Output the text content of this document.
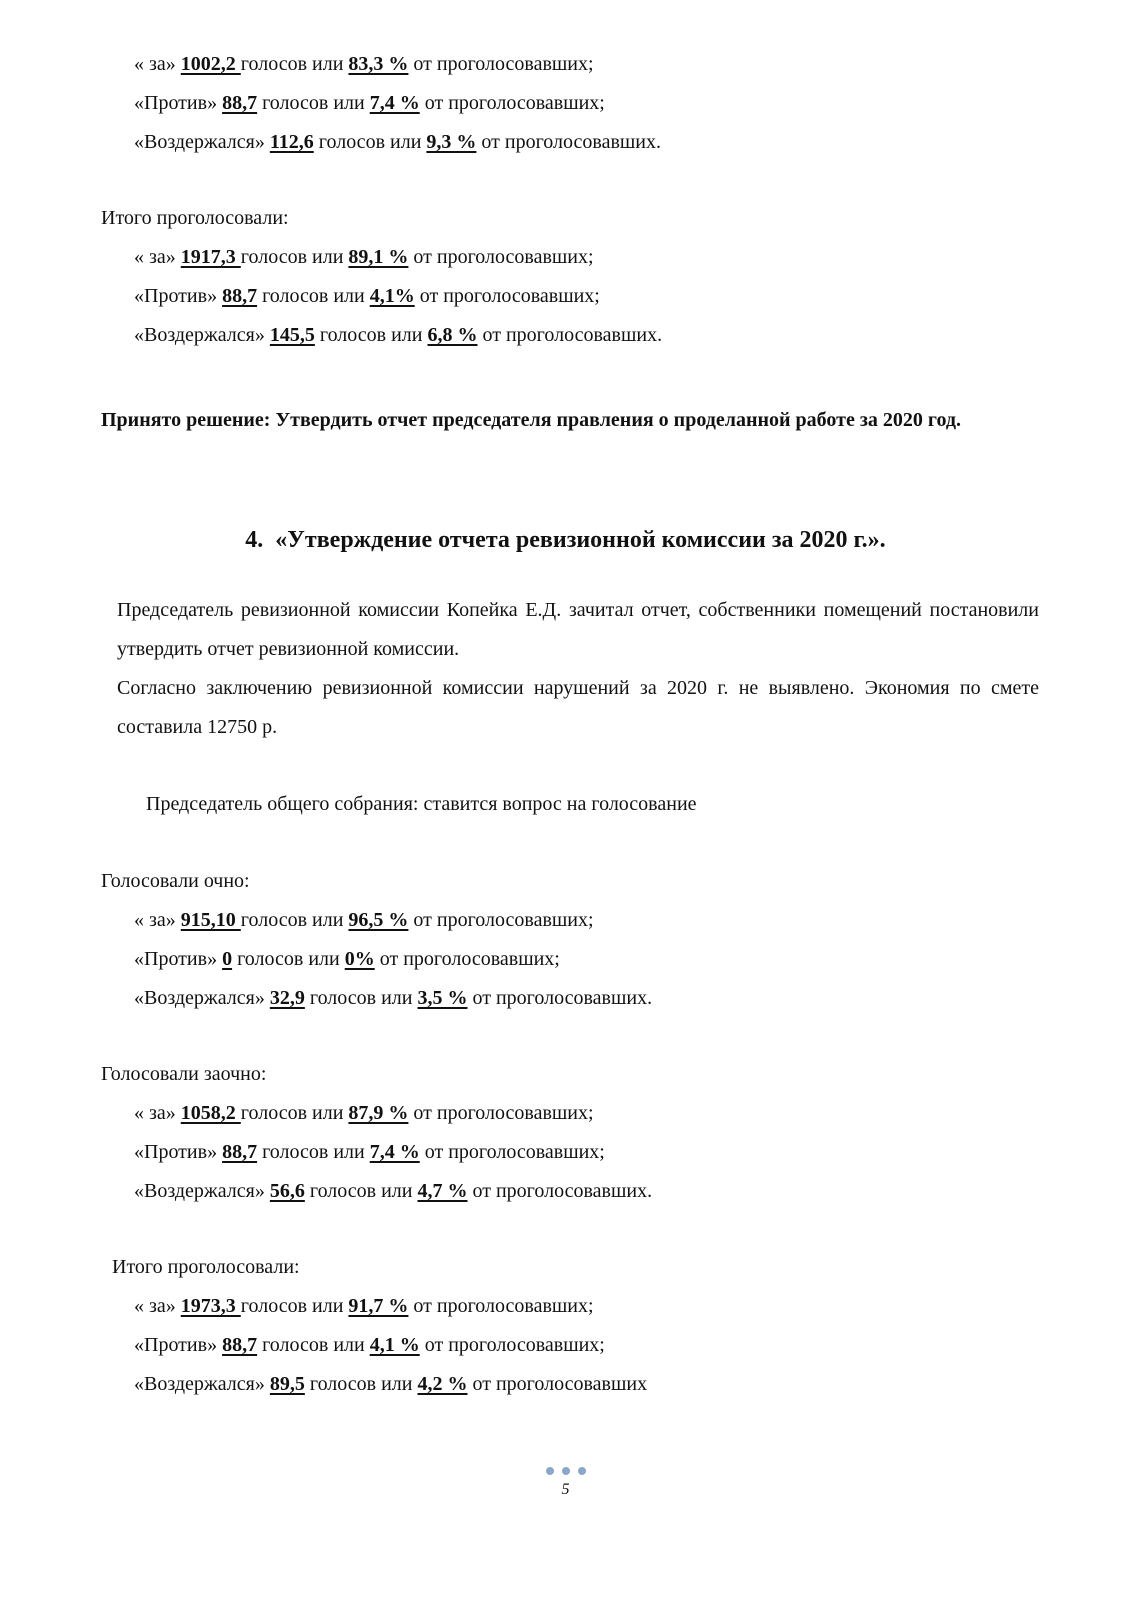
« за» 1002,2 голосов или 83,3 % от проголосовавших;
«Против» 88,7 голосов или 7,4 % от проголосовавших;
«Воздержался» 112,6 голосов или 9,3 % от проголосовавших.
Итого проголосовали:
« за» 1917,3 голосов или 89,1 % от проголосовавших;
«Против» 88,7 голосов или 4,1% от проголосовавших;
«Воздержался» 145,5 голосов или 6,8 % от проголосовавших.
Принято решение: Утвердить отчет председателя правления о проделанной работе за 2020 год.
4. «Утверждение отчета ревизионной комиссии за 2020 г.».
Председатель ревизионной комиссии Копейка Е.Д. зачитал отчет, собственники помещений постановили утвердить отчет ревизионной комиссии.
Согласно заключению ревизионной комиссии нарушений за 2020 г. не выявлено. Экономия по смете составила 12750 р.
Председатель общего собрания: ставится вопрос на голосование
Голосовали очно:
« за» 915,10 голосов или 96,5 % от проголосовавших;
«Против» 0 голосов или 0% от проголосовавших;
«Воздержался» 32,9 голосов или 3,5 % от проголосовавших.
Голосовали заочно:
« за» 1058,2 голосов или 87,9 % от проголосовавших;
«Против» 88,7 голосов или 7,4 % от проголосовавших;
«Воздержался» 56,6 голосов или 4,7 % от проголосовавших.
Итого проголосовали:
« за» 1973,3 голосов или 91,7 % от проголосовавших;
«Против» 88,7 голосов или 4,1 % от проголосовавших;
«Воздержался» 89,5 голосов или 4,2 % от проголосовавших
5
